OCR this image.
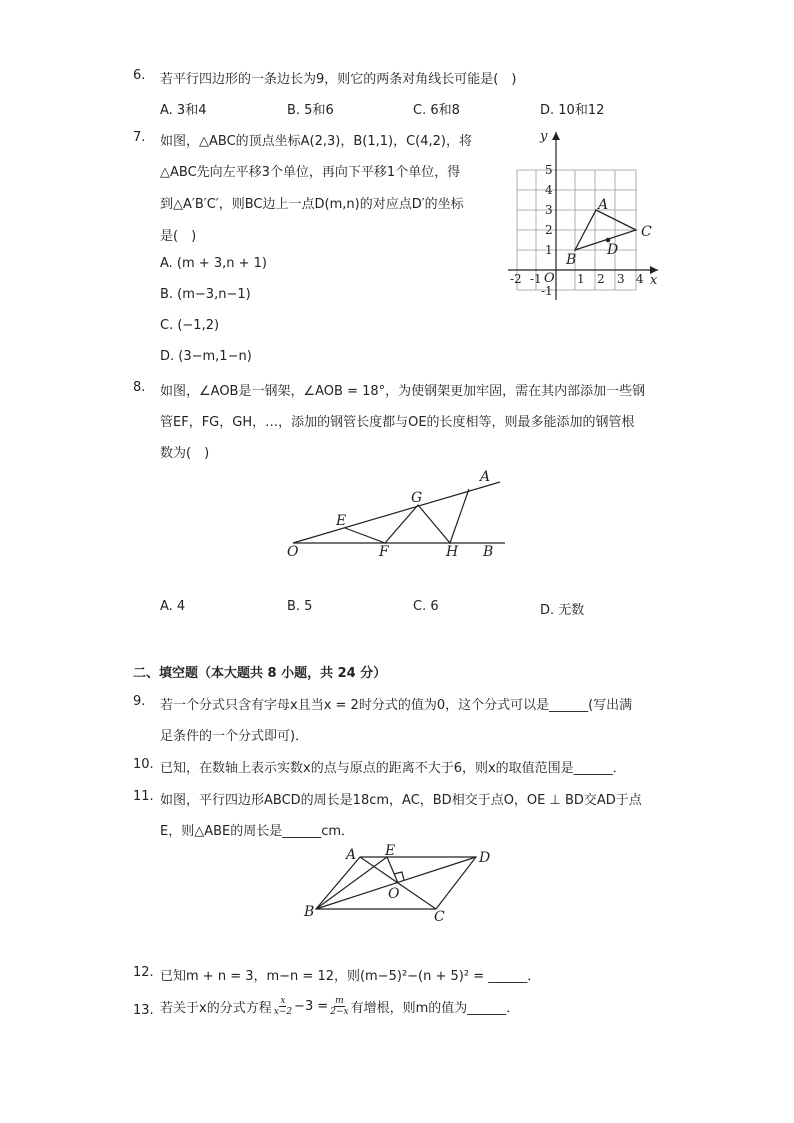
6.	若平行四边形的一条边长为9，则它的两条对角线长可能是(　)
A. 3和4	B. 5和6	C. 6和8	D. 10和12
7.	如图，△ABC的顶点坐标A(2,3)，B(1,1)，C(4,2)，将
△ABC先向左平移3个单位，再向下平移1个单位，得
到△A′B′C′，则BC边上一点D(m,n)的对应点D′的坐标
是(　)
A. (m + 3,n + 1)
B. (m−3,n−1)
C. (−1,2)
D. (3−m,1−n)
y
x
O
-2 -1	1 2 3 4
5
4
3
2
1
-1
A
B
C
D
8.	如图，∠AOB是一钢架，∠AOB = 18°，为使钢架更加牢固，需在其内部添加一些钢
管EF，FG，GH，…，添加的钢管长度都与OE的长度相等，则最多能添加的钢管根
数为(　)
A
B
O
E
F
G
H
A. 4	B. 5	C. 6	D. 无数
二、填空题（本大题共 8 小题，共 24 分）
9.	若一个分式只含有字母x且当x = 2时分式的值为0，这个分式可以是______(写出满
足条件的一个分式即可)．
10. 已知，在数轴上表示实数x的点与原点的距离不大于6，则x的取值范围是______．
11. 如图，平行四边形ABCD的周长是18cm，AC，BD相交于点O，OE ⊥ BD交AD于点
E，则△ABE的周长是______cm．
A E	D
O
B	C
12. 已知m + n = 3，m−n = 12，则(m−5)²−(n + 5)² = ______．
13. 若关于x的分式方程 $\frac{x}{x-2} -3 = \frac{m}{2-x}$ 有增根，则m的值为______．
